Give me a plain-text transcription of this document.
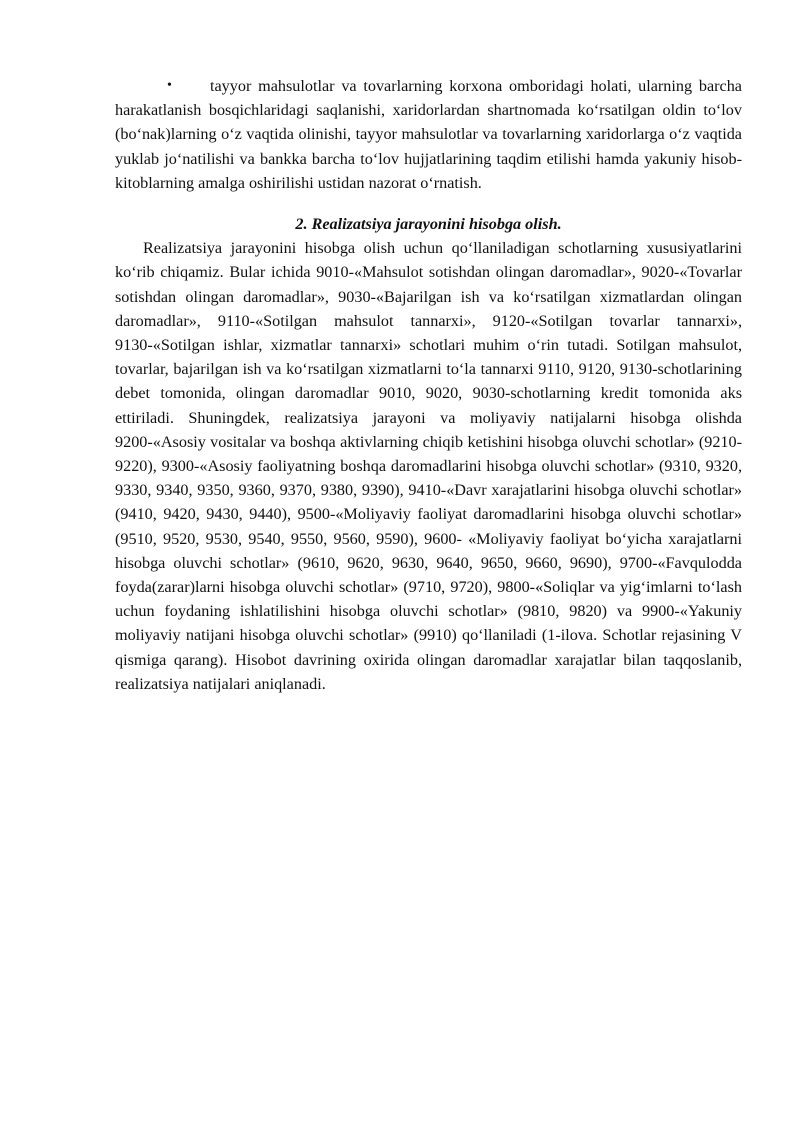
•	tayyor mahsulotlar va tovarlarning korxona omboridagi holati, ularning barcha harakatlanish bosqichlaridagi saqlanishi, xaridorlardan shartnomada koʻrsatilgan oldin toʻlov (boʻnak)larning oʻz vaqtida olinishi, tayyor mahsulotlar va tovarlarning xaridorlarga oʻz vaqtida yuklab joʻnatilishi va bankka barcha toʻlov hujjatlarining taqdim etilishi hamda yakuniy hisob-kitoblarning amalga oshirilishi ustidan nazorat oʻrnatish.

2. Realizatsiya jarayonini hisobga olish.

Realizatsiya jarayonini hisobga olish uchun qoʻllaniladigan schotlarning xususiyatlarini koʻrib chiqamiz. Bular ichida 9010-«Mahsulot sotishdan olingan daromadlar», 9020-«Tovarlar sotishdan olingan daromadlar», 9030-«Bajarilgan ish va koʻrsatilgan xizmatlardan olingan daromadlar», 9110-«Sotilgan mahsulot tannarxi», 9120-«Sotilgan tovarlar tannarxi», 9130-«Sotilgan ishlar, xizmatlar tannarxi» schotlari muhim oʻrin tutadi. Sotilgan mahsulot, tovarlar, bajarilgan ish va koʻrsatilgan xizmatlarni toʻla tannarxi 9110, 9120, 9130-schotlarining debet tomonida, olingan daromadlar 9010, 9020, 9030-schotlarning kredit tomonida aks ettiriladi. Shuningdek, realizatsiya jarayoni va moliyaviy natijalarni hisobga olishda 9200-«Asosiy vositalar va boshqa aktivlarning chiqib ketishini hisobga oluvchi schotlar» (9210-9220), 9300-«Asosiy faoliyatning boshqa daromadlarini hisobga oluvchi schotlar» (9310, 9320, 9330, 9340, 9350, 9360, 9370, 9380, 9390), 9410-«Davr xarajatlarini hisobga oluvchi schotlar» (9410, 9420, 9430, 9440), 9500-«Moliyaviy faoliyat daromadlarini hisobga oluvchi schotlar» (9510, 9520, 9530, 9540, 9550, 9560, 9590), 9600- «Moliyaviy faoliyat boʻyicha xarajatlarni hisobga oluvchi schotlar» (9610, 9620, 9630, 9640, 9650, 9660, 9690), 9700-«Favqulodda foyda(zarar)larni hisobga oluvchi schotlar» (9710, 9720), 9800-«Soliqlar va yigʻimlarni toʻlash uchun foydaning ishlatilishini hisobga oluvchi schotlar» (9810, 9820) va 9900-«Yakuniy moliyaviy natijani hisobga oluvchi schotlar» (9910) qoʻllaniladi (1-ilova. Schotlar rejasining V qismiga qarang). Hisobot davrining oxirida olingan daromadlar xarajatlar bilan taqqoslanib, realizatsiya natijalari aniqlanadi.
